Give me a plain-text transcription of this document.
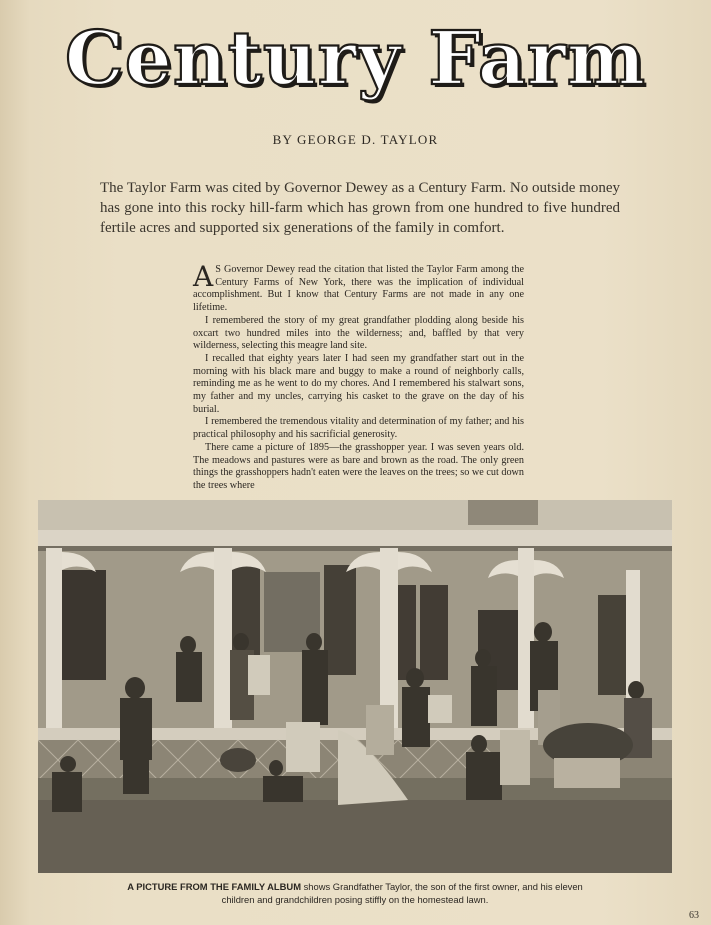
Century Farm

BY GEORGE D. TAYLOR

The Taylor Farm was cited by Governor Dewey as a Century Farm. No outside money has gone into this rocky hill-farm which has grown from one hundred to five hundred fertile acres and supported six generations of the family in comfort.

A S Governor Dewey read the citation that listed the Taylor Farm among the Century Farms of New York, there was the implication of individual accomplishment. But I know that Century Farms are not made in any one lifetime.

I remembered the story of my great grandfather plodding along beside his oxcart two hundred miles into the wilderness; and, baffled by that very wilderness, selecting this meagre land site.

I recalled that eighty years later I had seen my grandfather start out in the morning with his black mare and buggy to make a round of neighborly calls, reminding me as he went to do my chores. And I remembered his stalwart sons, my father and my uncles, carrying his casket to the grave on the day of his burial.

I remembered the tremendous vitality and determination of my father; and his practical philosophy and his sacrificial generosity.

There came a picture of 1895—the grasshopper year. I was seven years old. The meadows and pastures were as bare and brown as the road. The only green things the grasshoppers hadn't eaten were the leaves on the trees; so we cut down the trees where

A PICTURE FROM THE FAMILY ALBUM shows Grandfather Taylor, the son of the first owner, and his eleven children and grandchildren posing stiffly on the homestead lawn.

63
